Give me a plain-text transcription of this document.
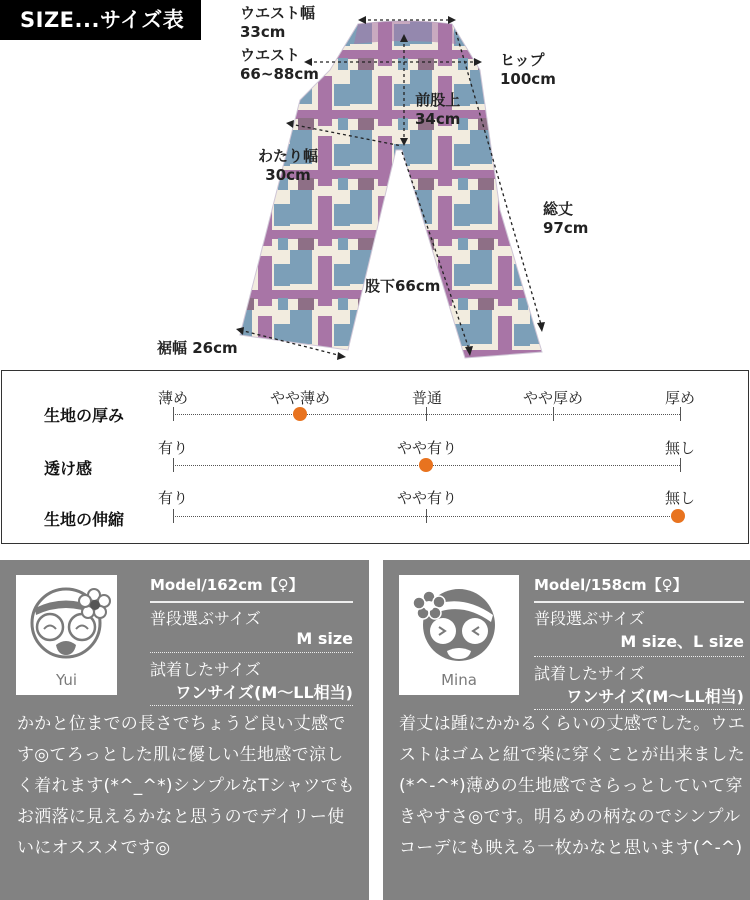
SIZE...サイズ表	ウエスト幅
33cm
ウエスト
66~88cm
ヒップ
100cm
前股上
34cm
わたり幅
30cm
総丈
97cm
股下66cm
裾幅 26cm
生地の厚み
薄め	やや薄め	普通	やや厚め	厚め
透け感
有り	やや有り	無し
生地の伸縮
有り	やや有り	無し
Yui
Model/162cm【♀】
普段選ぶサイズ
M size
試着したサイズ
ワンサイズ(M〜LL相当)
かかと位までの長さでちょうど良い丈感です◎てろっとした肌に優しい生地感で涼しく着れます(*^_^*)シンプルなTシャツでもお洒落に見えるかなと思うのでデイリー使いにオススメです◎
Mina
Model/158cm【♀】
普段選ぶサイズ
M size、L size
試着したサイズ
ワンサイズ(M〜LL相当)
着丈は踵にかかるくらいの丈感でした。ウエストはゴムと紐で楽に穿くことが出来ました(*^-^*)薄めの生地感でさらっとしていて穿きやすさ◎です。明るめの柄なのでシンプルコーデにも映える一枚かなと思います(^-^)
